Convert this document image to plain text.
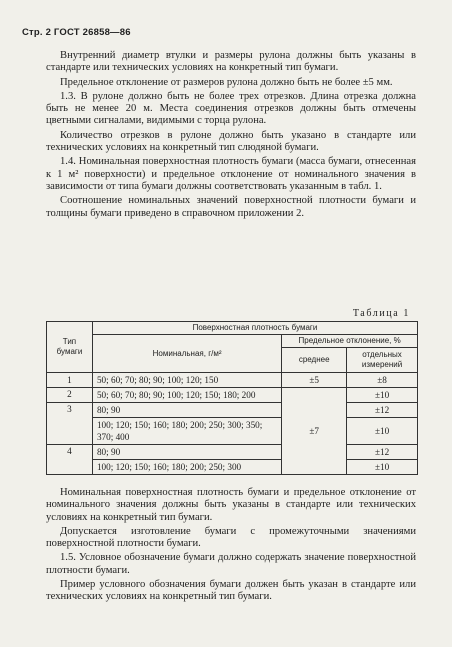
Стр. 2 ГОСТ 26858—86

Внутренний диаметр втулки и размеры рулона должны быть указаны в стандарте или технических условиях на конкретный тип бумаги.

Предельное отклонение от размеров рулона должно быть не более ±5 мм.

1.3. В рулоне должно быть не более трех отрезков. Длина отрезка должна быть не менее 20 м. Места соединения отрезков должны быть отмечены цветными сигналами, видимыми с торца рулона.

Количество отрезков в рулоне должно быть указано в стандарте или технических условиях на конкретный тип слюдяной бумаги.

1.4. Номинальная поверхностная плотность бумаги (масса бумаги, отнесенная к 1 м² поверхности) и предельное отклонение от номинального значения в зависимости от типа бумаги должны соответствовать указанным в табл. 1.

Соотношение номинальных значений поверхностной плотности бумаги и толщины бумаги приведено в справочном приложении 2.

Таблица 1
Тип бумаги	Поверхностная плотность бумаги		
	Номинальная, г/м²	Предельное отклонение, %	
		среднее	отдельных измерений
1	50; 60; 70; 80; 90; 100; 120; 150	±5	±8
2	50; 60; 70; 80; 90; 100; 120; 150; 180; 200	±7	±10
3	80; 90		±12
	100; 120; 150; 160; 180; 200; 250; 300; 350; 370; 400		±10
4	80; 90		±12
	100; 120; 150; 160; 180; 200; 250; 300		±10

Номинальная поверхностная плотность бумаги и предельное отклонение от номинального значения должны быть указаны в стандарте или технических условиях на конкретный тип бумаги.

Допускается изготовление бумаги с промежуточными значениями поверхностной плотности бумаги.

1.5. Условное обозначение бумаги должно содержать значение поверхностной плотности бумаги.

Пример условного обозначения бумаги должен быть указан в стандарте или технических условиях на конкретный тип бумаги.
